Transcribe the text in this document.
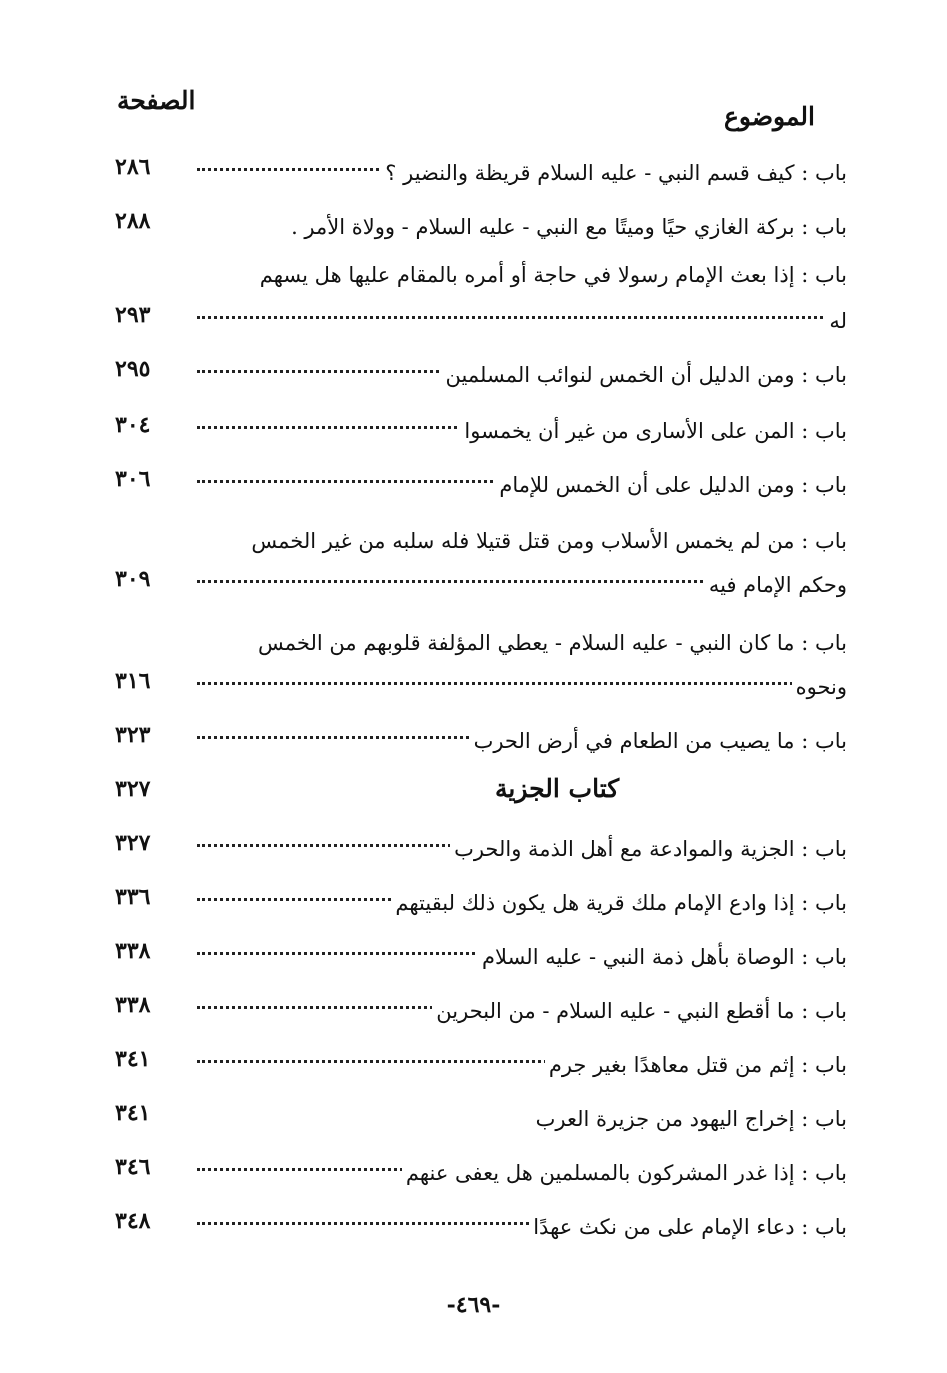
الموضوع
الصفحة
٢٨٦	باب : كيف قسم النبي - عليه السلام قريظة والنضير ؟
٢٨٨	باب : بركة الغازي حيًا وميتًا مع النبي - عليه السلام - وولاة الأمر .
باب : إذا بعث الإمام رسولا في حاجة أو أمره بالمقام عليها هل يسهم
٢٩٣	له
٢٩٥	باب : ومن الدليل أن الخمس لنوائب المسلمين
٣٠٤	باب : المن على الأسارى من غير أن يخمسوا
٣٠٦	باب : ومن الدليل على أن الخمس للإمام
باب : من لم يخمس الأسلاب ومن قتل قتيلا فله سلبه من غير الخمس
٣٠٩	وحكم الإمام فيه
باب : ما كان النبي - عليه السلام - يعطي المؤلفة قلوبهم من الخمس
٣١٦	ونحوه
٣٢٣	باب : ما يصيب من الطعام في أرض الحرب
٣٢٧	كتاب الجزية
٣٢٧	باب : الجزية والموادعة مع أهل الذمة والحرب
٣٣٦	باب : إذا وادع الإمام ملك قرية هل يكون ذلك لبقيتهم
٣٣٨	باب : الوصاة بأهل ذمة النبي - عليه السلام
٣٣٨	باب : ما أقطع النبي - عليه السلام - من البحرين
٣٤١	باب : إثم من قتل معاهدًا بغير جرم
٣٤١	باب : إخراج اليهود من جزيرة العرب
٣٤٦	باب : إذا غدر المشركون بالمسلمين هل يعفى عنهم
٣٤٨	باب : دعاء الإمام على من نكث عهدًا
-٤٦٩-
